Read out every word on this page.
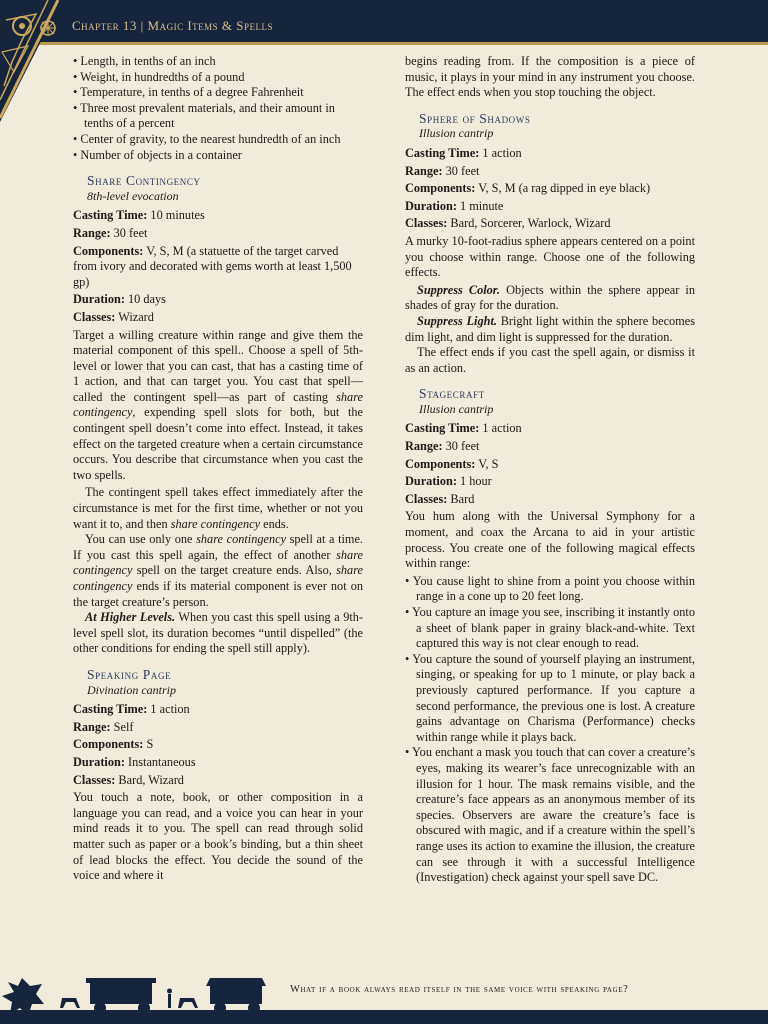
Chapter 13 | Magic Items & Spells
• Length, in tenths of an inch
• Weight, in hundredths of a pound
• Temperature, in tenths of a degree Fahrenheit
• Three most prevalent materials, and their amount in tenths of a percent
• Center of gravity, to the nearest hundredth of an inch
• Number of objects in a container
Share Contingency
8th-level evocation

Casting Time: 10 minutes

Range: 30 feet

Components: V, S, M (a statuette of the target carved from ivory and decorated with gems worth at least 1,500 gp)

Duration: 10 days

Classes: Wizard

Target a willing creature within range and give them the material component of this spell.. Choose a spell of 5th-level or lower that you can cast, that has a casting time of 1 action, and that can target you. You cast that spell—called the contingent spell—as part of casting share contingency, expending spell slots for both, but the contingent spell doesn’t come into effect. Instead, it takes effect on the targeted creature when a certain circumstance occurs. You describe that circumstance when you cast the two spells.

The contingent spell takes effect immediately after the circumstance is met for the first time, whether or not you want it to, and then share contingency ends.

You can use only one share contingency spell at a time. If you cast this spell again, the effect of another share contingency spell on the target creature ends. Also, share contingency ends if its material component is ever not on the target creature’s person.

At Higher Levels. When you cast this spell using a 9th-level spell slot, its duration becomes “until dispelled” (the other conditions for ending the spell still apply).

Speaking Page
Divination cantrip

Casting Time: 1 action

Range: Self

Components: S

Duration: Instantaneous

Classes: Bard, Wizard

You touch a note, book, or other composition in a language you can read, and a voice you can hear in your mind reads it to you. The spell can read through solid matter such as paper or a book’s binding, but a thin sheet of lead blocks the effect. You decide the sound of the voice and where it

begins reading from. If the composition is a piece of music, it plays in your mind in any instrument you choose. The effect ends when you stop touching the object.

Sphere of Shadows
Illusion cantrip

Casting Time: 1 action

Range: 30 feet

Components: V, S, M (a rag dipped in eye black)

Duration: 1 minute

Classes: Bard, Sorcerer, Warlock, Wizard

A murky 10-foot-radius sphere appears centered on a point you choose within range. Choose one of the following effects.

Suppress Color. Objects within the sphere appear in shades of gray for the duration.

Suppress Light. Bright light within the sphere becomes dim light, and dim light is suppressed for the duration.

The effect ends if you cast the spell again, or dismiss it as an action.

Stagecraft
Illusion cantrip

Casting Time: 1 action

Range: 30 feet

Components: V, S

Duration: 1 hour

Classes: Bard

You hum along with the Universal Symphony for a moment, and coax the Arcana to aid in your artistic process. You create one of the following magical effects within range:

• You cause light to shine from a point you choose within range in a cone up to 20 feet long.
• You capture an image you see, inscribing it instantly onto a sheet of blank paper in grainy black-and-white. Text captured this way is not clear enough to read.
• You capture the sound of yourself playing an instrument, singing, or speaking for up to 1 minute, or play back a previously captured performance. If you capture a second performance, the previous one is lost. A creature gains advantage on Charisma (Performance) checks within range while it plays back.
• You enchant a mask you touch that can cover a creature’s eyes, making its wearer’s face unrecognizable with an illusion for 1 hour. The mask remains visible, and the creature’s face appears as an anonymous member of its species. Observers are aware the creature’s face is obscured with magic, and if a creature within the spell’s range uses its action to examine the illusion, the creature can see through it with a successful Intelligence (Investigation) check against your spell save DC.
390
What if a book always read itself in the same voice with speaking page?
